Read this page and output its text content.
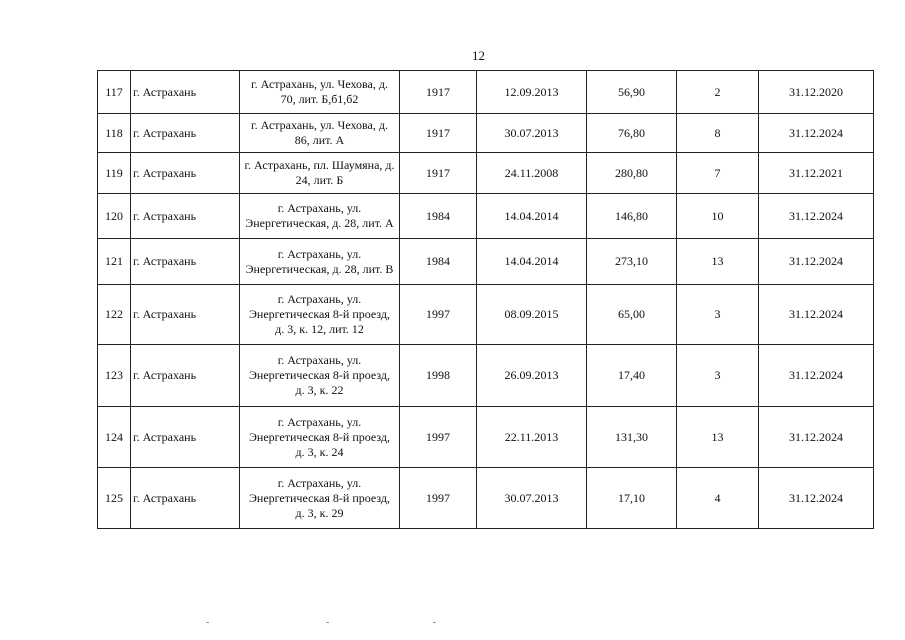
12
117	г. Астрахань	г. Астрахань, ул. Чехова, д. 70, лит. Б,б1,б2	1917	12.09.2013	56,90	2	31.12.2020
118	г. Астрахань	г. Астрахань, ул. Чехова, д. 86, лит. А	1917	30.07.2013	76,80	8	31.12.2024
119	г. Астрахань	г. Астрахань, пл. Шаумяна, д. 24, лит. Б	1917	24.11.2008	280,80	7	31.12.2021
120	г. Астрахань	г. Астрахань, ул. Энергетическая, д. 28, лит. А	1984	14.04.2014	146,80	10	31.12.2024
121	г. Астрахань	г. Астрахань, ул. Энергетическая, д. 28, лит. В	1984	14.04.2014	273,10	13	31.12.2024
122	г. Астрахань	г. Астрахань, ул. Энергетическая 8-й проезд, д. 3, к. 12, лит. 12	1997	08.09.2015	65,00	3	31.12.2024
123	г. Астрахань	г. Астрахань, ул. Энергетическая 8-й проезд, д. 3, к. 22	1998	26.09.2013	17,40	3	31.12.2024
124	г. Астрахань	г. Астрахань, ул. Энергетическая 8-й проезд, д. 3, к. 24	1997	22.11.2013	131,30	13	31.12.2024
125	г. Астрахань	г. Астрахань, ул. Энергетическая 8-й проезд, д. 3, к. 29	1997	30.07.2013	17,10	4	31.12.2024
